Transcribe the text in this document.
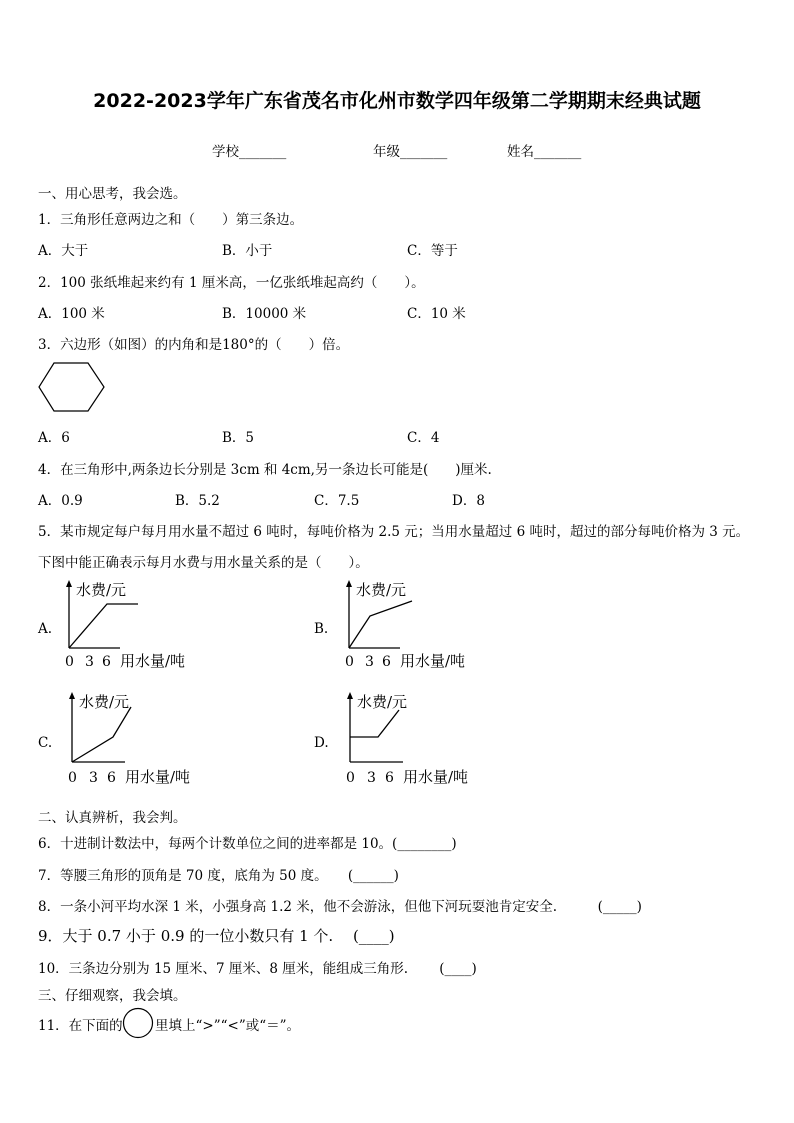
2022-2023学年广东省茂名市化州市数学四年级第二学期期末经典试题
学校_______	年级_______	姓名_______
一、用心思考，我会选。
1．三角形任意两边之和（　　）第三条边。
A．大于	B．小于	C．等于
2．100 张纸堆起来约有 1 厘米高，一亿张纸堆起高约（　　）。
A．100 米	B．10000 米	C．10 米
3．六边形（如图）的内角和是180°的（　　）倍。
A．6	B．5	C．4
4．在三角形中,两条边长分别是 3cm 和 4cm,另一条边长可能是(　　)厘米.
A．0.9	B．5.2	C．7.5	D．8
5．某市规定每户每月用水量不超过 6 吨时，每吨价格为 2.5 元；当用水量超过 6 吨时，超过的部分每吨价格为 3 元。
下图中能正确表示每月水费与用水量关系的是（　　）。
A.
水费/元
0 3 6 用水量/吨
B.
水费/元
0 3 6 用水量/吨
C.
水费/元
0 3 6 用水量/吨
D.
水费/元
0 3 6 用水量/吨
二、认真辨析，我会判。
6．十进制计数法中，每两个计数单位之间的进率都是 10。(________)
7．等腰三角形的顶角是 70 度，底角为 50 度。　　(______)
8．一条小河平均水深 1 米，小强身高 1.2 米，他不会游泳，但他下河玩耍池肯定安全.　　　(_____)
9．大于 0.7 小于 0.9 的一位小数只有 1 个.　 (____)
10．三条边分别为 15 厘米、7 厘米、8 厘米，能组成三角形.　　 (____)
三、仔细观察，我会填。
11．在下面的 里填上“>”“<”或“＝”。
